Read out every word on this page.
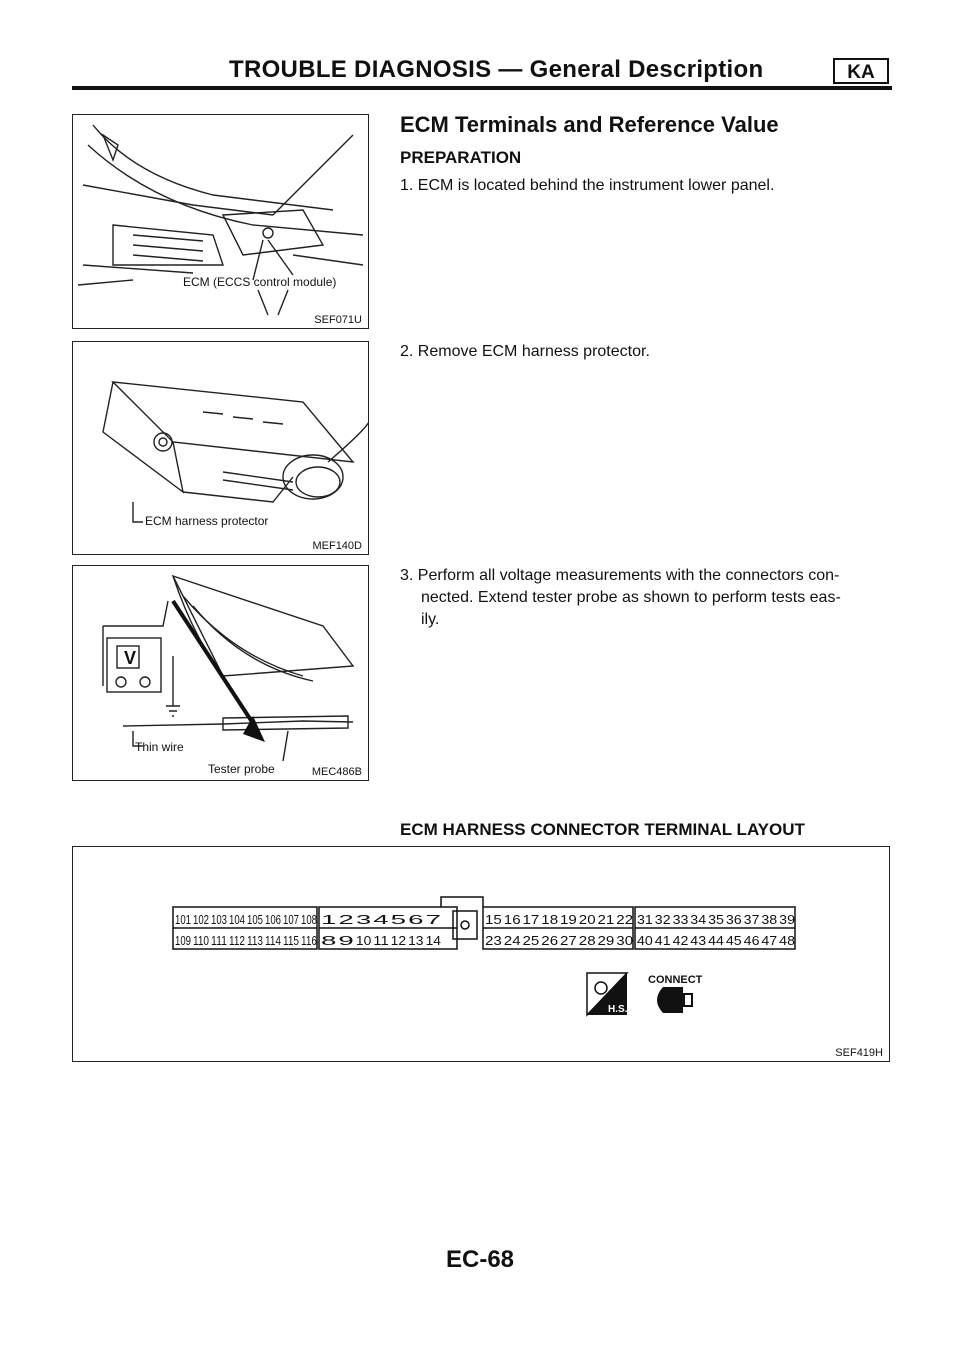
TROUBLE DIAGNOSIS — General Description	KA
ECM (ECCS control module)
SEF071U
ECM harness protector
MEF140D
V
Thin wire
Tester probe	MEC486B
ECM Terminals and Reference Value
PREPARATION
1. ECM is located behind the instrument lower panel.
2. Remove ECM harness protector.
3. Perform all voltage measurements with the connectors con-
nected. Extend tester probe as shown to perform tests eas-
ily.
ECM HARNESS CONNECTOR TERMINAL LAYOUT
101 102 103 104 105 106 107 108
109 110 111 112 113 114 115 116
1 2 3 4 5 6 7
8 9 10 11 12 13 14
15 16 17 18 19 20 21 22
23 24 25 26 27 28 29 30
31 32 33 34 35 36 37 38 39
40 41 42 43 44 45 46 47 48
H.S.
CONNECT
SEF419H
EC-68
